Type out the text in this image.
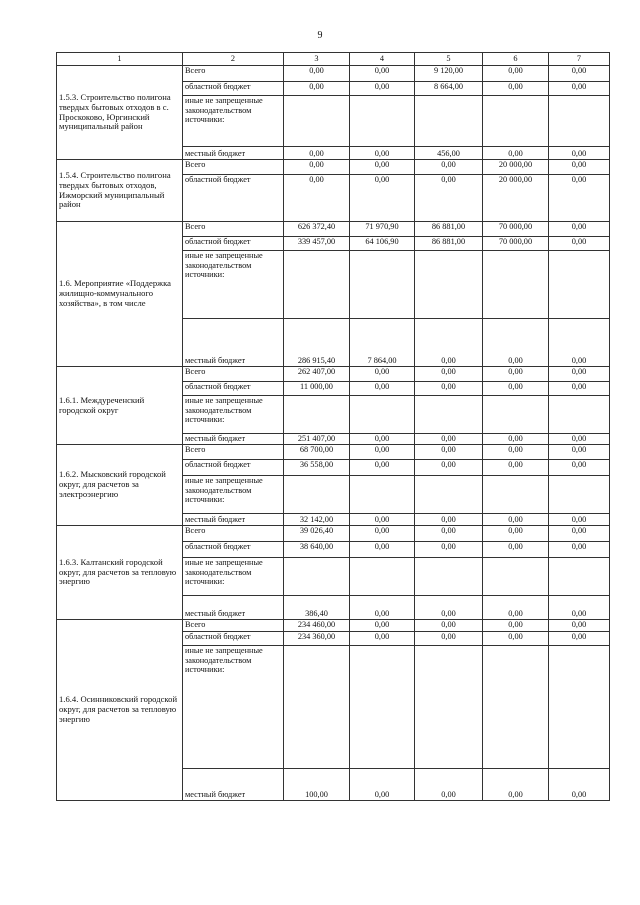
9
1	2	3	4	5	6	7
1.5.3. Строительство полигона твердых бытовых отходов в с. Проскоково, Юргинский муниципальный район	Всего	0,00	0,00	9 120,00	0,00	0,00
	областной бюджет	0,00	0,00	8 664,00	0,00	0,00
	иные не запрещенные законодательством источники:					
	местный бюджет	0,00	0,00	456,00	0,00	0,00
1.5.4. Строительство полигона твердых бытовых отходов, Ижморский муниципальный район	Всего	0,00	0,00	0,00	20 000,00	0,00
	областной бюджет	0,00	0,00	0,00	20 000,00	0,00
1.6. Мероприятие «Поддержка жилищно-коммунального хозяйства», в том числе	Всего	626 372,40	71 970,90	86 881,00	70 000,00	0,00
	областной бюджет	339 457,00	64 106,90	86 881,00	70 000,00	0,00
	иные не запрещенные законодательством источники:					
	местный бюджет	286 915,40	7 864,00	0,00	0,00	0,00
1.6.1. Междуреченский городской округ	Всего	262 407,00	0,00	0,00	0,00	0,00
	областной бюджет	11 000,00	0,00	0,00	0,00	0,00
	иные не запрещенные законодательством источники:					
	местный бюджет	251 407,00	0,00	0,00	0,00	0,00
1.6.2. Мысковский городской округ, для расчетов за электроэнергию	Всего	68 700,00	0,00	0,00	0,00	0,00
	областной бюджет	36 558,00	0,00	0,00	0,00	0,00
	иные не запрещенные законодательством источники:					
	местный бюджет	32 142,00	0,00	0,00	0,00	0,00
1.6.3. Калтанский городской округ, для расчетов за тепловую энергию	Всего	39 026,40	0,00	0,00	0,00	0,00
	областной бюджет	38 640,00	0,00	0,00	0,00	0,00
	иные не запрещенные законодательством источники:					
	местный бюджет	386,40	0,00	0,00	0,00	0,00
1.6.4. Осинниковский городской округ, для расчетов за тепловую энергию	Всего	234 460,00	0,00	0,00	0,00	0,00
	областной бюджет	234 360,00	0,00	0,00	0,00	0,00
	иные не запрещенные законодательством источники:					
	местный бюджет	100,00	0,00	0,00	0,00	0,00
